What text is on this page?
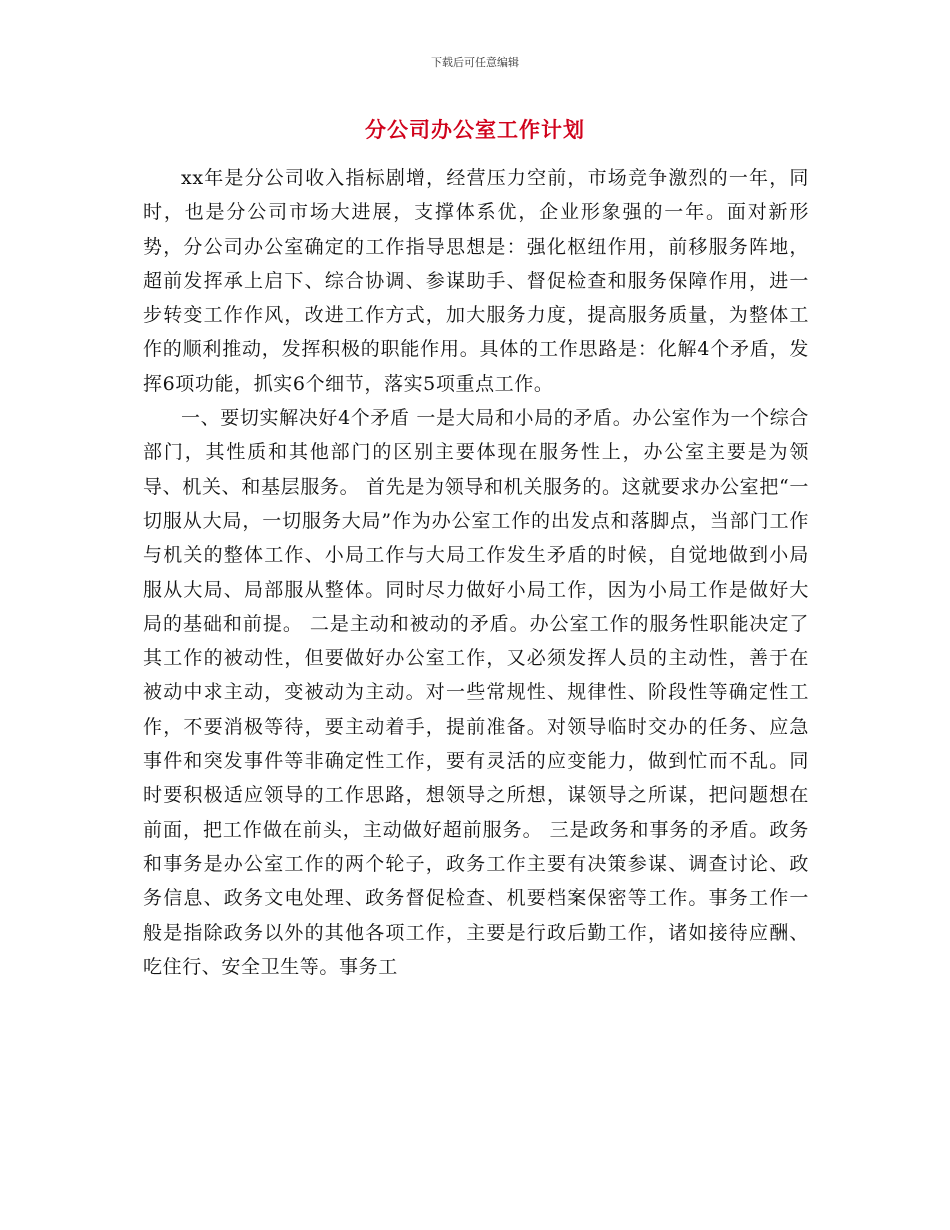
下载后可任意编辑
分公司办公室工作计划

xx年是分公司收入指标剧增，经营压力空前，市场竞争激烈的一年，同时，也是分公司市场大进展，支撑体系优，企业形象强的一年。面对新形势，分公司办公室确定的工作指导思想是：强化枢纽作用，前移服务阵地，超前发挥承上启下、综合协调、参谋助手、督促检查和服务保障作用，进一步转变工作作风，改进工作方式，加大服务力度，提高服务质量，为整体工作的顺利推动，发挥积极的职能作用。具体的工作思路是：化解4个矛盾，发挥6项功能，抓实6个细节，落实5项重点工作。

一、要切实解决好4个矛盾 一是大局和小局的矛盾。办公室作为一个综合部门，其性质和其他部门的区别主要体现在服务性上，办公室主要是为领导、机关、和基层服务。 首先是为领导和机关服务的。这就要求办公室把“一切服从大局，一切服务大局”作为办公室工作的出发点和落脚点，当部门工作与机关的整体工作、小局工作与大局工作发生矛盾的时候，自觉地做到小局服从大局、局部服从整体。同时尽力做好小局工作，因为小局工作是做好大局的基础和前提。 二是主动和被动的矛盾。办公室工作的服务性职能决定了其工作的被动性，但要做好办公室工作，又必须发挥人员的主动性，善于在被动中求主动，变被动为主动。对一些常规性、规律性、阶段性等确定性工作，不要消极等待，要主动着手，提前准备。对领导临时交办的任务、应急事件和突发事件等非确定性工作，要有灵活的应变能力，做到忙而不乱。同时要积极适应领导的工作思路，想领导之所想，谋领导之所谋，把问题想在前面，把工作做在前头，主动做好超前服务。 三是政务和事务的矛盾。政务和事务是办公室工作的两个轮子，政务工作主要有决策参谋、调查讨论、政务信息、政务文电处理、政务督促检查、机要档案保密等工作。事务工作一般是指除政务以外的其他各项工作，主要是行政后勤工作，诸如接待应酬、吃住行、安全卫生等。事务工
